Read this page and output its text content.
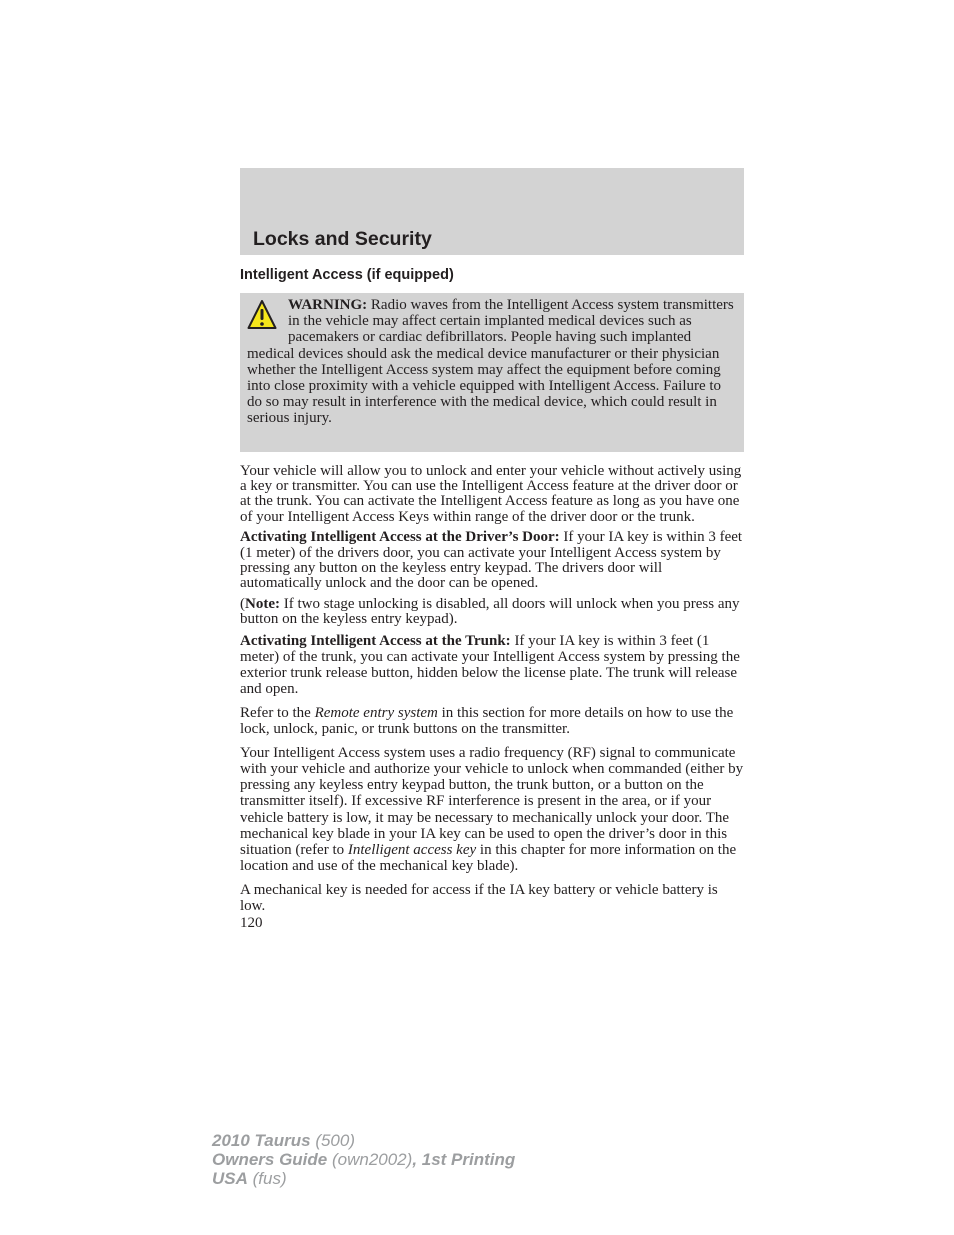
Locks and Security
Intelligent Access (if equipped)

WARNING: Radio waves from the Intelligent Access system transmitters in the vehicle may affect certain implanted medical devices such as pacemakers or cardiac defibrillators. People having such implanted medical devices should ask the medical device manufacturer or their physician whether the Intelligent Access system may affect the equipment before coming into close proximity with a vehicle equipped with Intelligent Access. Failure to do so may result in interference with the medical device, which could result in serious injury.

Your vehicle will allow you to unlock and enter your vehicle without actively using a key or transmitter. You can use the Intelligent Access feature at the driver door or at the trunk. You can activate the Intelligent Access feature as long as you have one of your Intelligent Access Keys within range of the driver door or the trunk.

Activating Intelligent Access at the Driver’s Door: If your IA key is within 3 feet (1 meter) of the drivers door, you can activate your Intelligent Access system by pressing any button on the keyless entry keypad. The drivers door will automatically unlock and the door can be opened.

(Note: If two stage unlocking is disabled, all doors will unlock when you press any button on the keyless entry keypad).

Activating Intelligent Access at the Trunk: If your IA key is within 3 feet (1 meter) of the trunk, you can activate your Intelligent Access system by pressing the exterior trunk release button, hidden below the license plate. The trunk will release and open.

Refer to the Remote entry system in this section for more details on how to use the lock, unlock, panic, or trunk buttons on the transmitter.

Your Intelligent Access system uses a radio frequency (RF) signal to communicate with your vehicle and authorize your vehicle to unlock when commanded (either by pressing any keyless entry keypad button, the trunk button, or a button on the transmitter itself). If excessive RF interference is present in the area, or if your vehicle battery is low, it may be necessary to mechanically unlock your door. The mechanical key blade in your IA key can be used to open the driver’s door in this situation (refer to Intelligent access key in this chapter for more information on the location and use of the mechanical key blade).

A mechanical key is needed for access if the IA key battery or vehicle battery is low.

120

2010 Taurus (500)
Owners Guide (own2002), 1st Printing
USA (fus)
